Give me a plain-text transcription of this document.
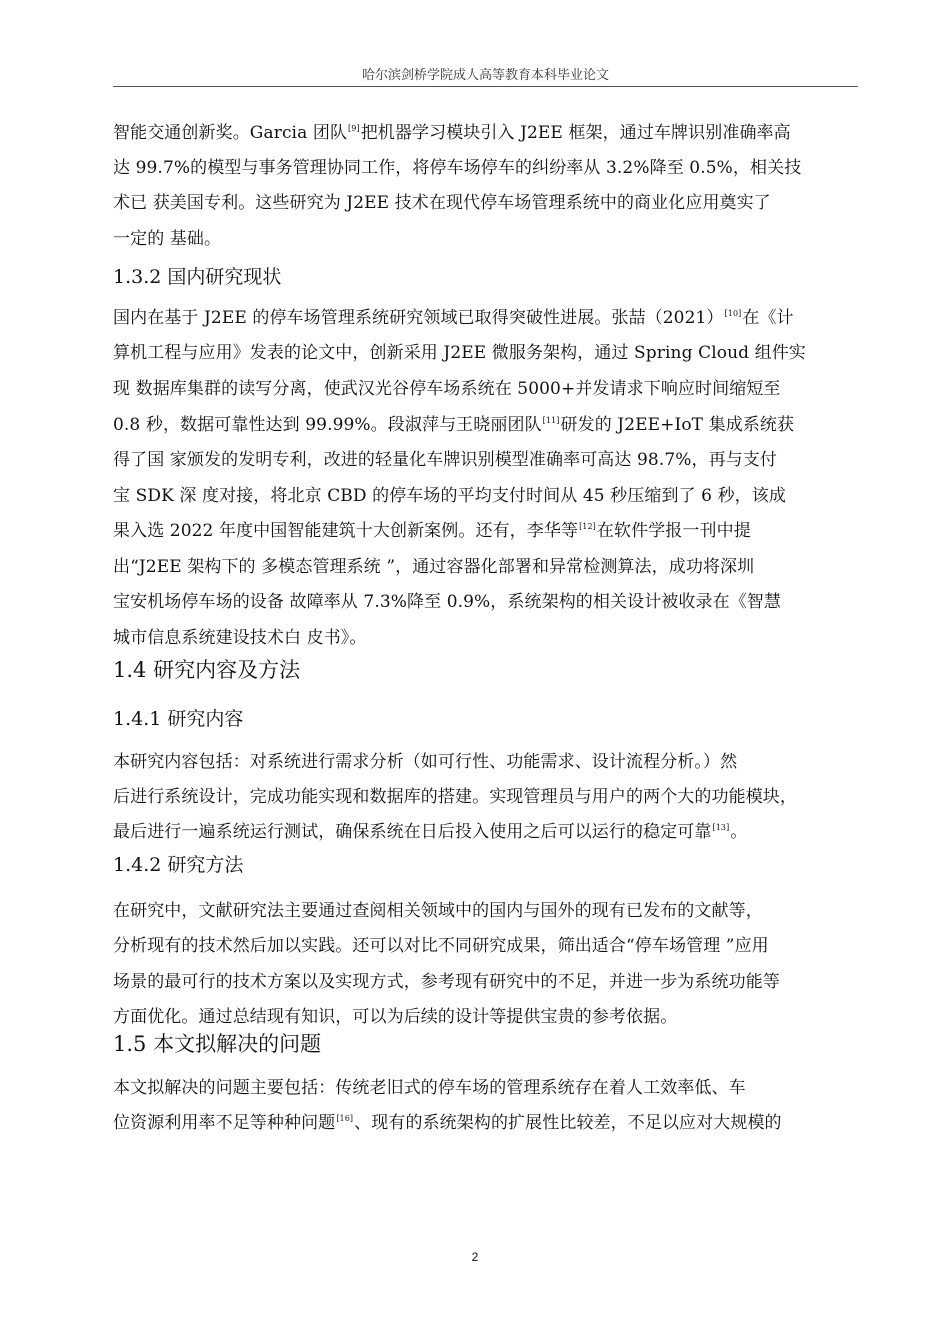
哈尔滨剑桥学院成人高等教育本科毕业论文
智能交通创新奖。Garcia 团队[9]把机器学习模块引入 J2EE 框架，通过车牌识别准确率高
达 99.7%的模型与事务管理协同工作，将停车场停车的纠纷率从 3.2%降至 0.5%，相关技
术已 获美国专利。这些研究为 J2EE 技术在现代停车场管理系统中的商业化应用奠实了
一定的 基础。
1.3.2 国内研究现状
国内在基于 J2EE 的停车场管理系统研究领域已取得突破性进展。张喆（2021）[10]在《计
算机工程与应用》发表的论文中，创新采用 J2EE 微服务架构，通过 Spring Cloud 组件实
现 数据库集群的读写分离，使武汉光谷停车场系统在 5000+并发请求下响应时间缩短至
0.8 秒，数据可靠性达到 99.99%。段淑萍与王晓丽团队[11]研发的 J2EE+IoT 集成系统获
得了国 家颁发的发明专利，改进的轻量化车牌识别模型准确率可高达 98.7%，再与支付
宝 SDK 深 度对接，将北京 CBD 的停车场的平均支付时间从 45 秒压缩到了 6 秒，该成
果入选 2022 年度中国智能建筑十大创新案例。还有，李华等[12]在软件学报一刊中提
出“J2EE 架构下的 多模态管理系统 ”，通过容器化部署和异常检测算法，成功将深圳
宝安机场停车场的设备 故障率从 7.3%降至 0.9%，系统架构的相关设计被收录在《智慧
城市信息系统建设技术白 皮书》。
1.4 研究内容及方法
1.4.1 研究内容
本研究内容包括：对系统进行需求分析（如可行性、功能需求、设计流程分析。）然
后进行系统设计，完成功能实现和数据库的搭建。实现管理员与用户的两个大的功能模块，
最后进行一遍系统运行测试，确保系统在日后投入使用之后可以运行的稳定可靠[13]。
1.4.2 研究方法
在研究中，文献研究法主要通过查阅相关领域中的国内与国外的现有已发布的文献等，
分析现有的技术然后加以实践。还可以对比不同研究成果，筛出适合“停车场管理 ”应用
场景的最可行的技术方案以及实现方式，参考现有研究中的不足，并进一步为系统功能等
方面优化。通过总结现有知识，可以为后续的设计等提供宝贵的参考依据。
1.5 本文拟解决的问题
本文拟解决的问题主要包括：传统老旧式的停车场的管理系统存在着人工效率低、车
位资源利用率不足等种种问题[16]、现有的系统架构的扩展性比较差，不足以应对大规模的
2
